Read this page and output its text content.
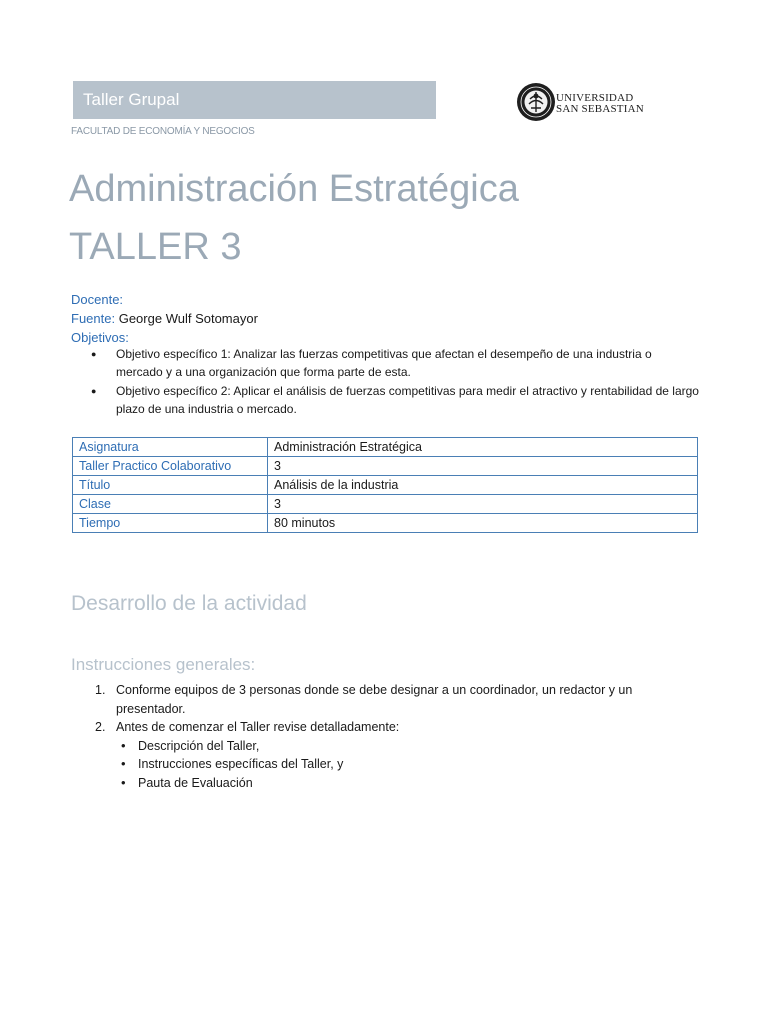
Taller Grupal	UNIVERSIDAD
SAN SEBASTIAN
FACULTAD DE ECONOMÍA Y NEGOCIOS
Administración Estratégica
TALLER 3
Docente:
Fuente: George Wulf Sotomayor
Objetivos:
● Objetivo específico 1: Analizar las fuerzas competitivas que afectan el desempeño de una industria o mercado y a una organización que forma parte de esta.
● Objetivo específico 2: Aplicar el análisis de fuerzas competitivas para medir el atractivo y rentabilidad de largo plazo de una industria o mercado.
Asignatura	Administración Estratégica
Taller Practico Colaborativo	3
Título	Análisis de la industria
Clase	3
Tiempo	80 minutos
Desarrollo de la actividad
Instrucciones generales:
1. Conforme equipos de 3 personas donde se debe designar a un coordinador, un redactor y un presentador.
2. Antes de comenzar el Taller revise detalladamente:
• Descripción del Taller,
• Instrucciones específicas del Taller, y
• Pauta de Evaluación
